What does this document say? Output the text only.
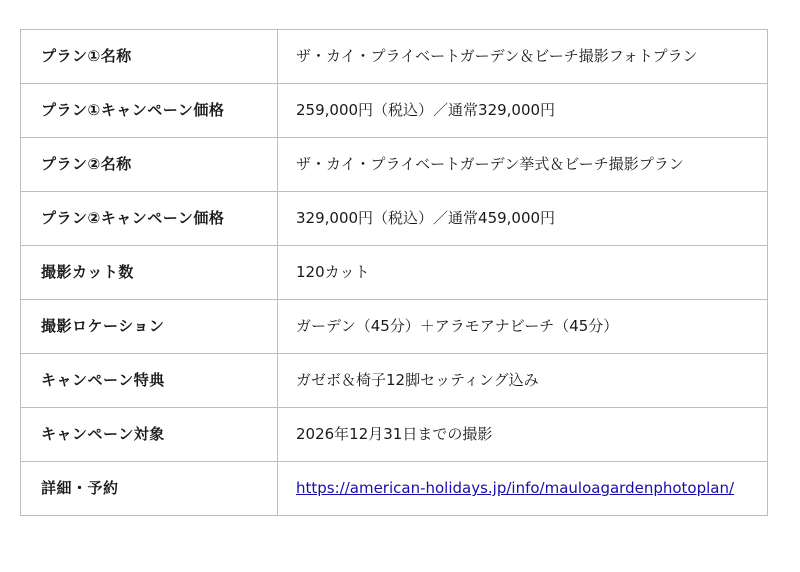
プラン①名称	ザ・カイ・プライベートガーデン＆ビーチ撮影フォトプラン
プラン①キャンペーン価格	259,000円（税込）／通常329,000円
プラン②名称	ザ・カイ・プライベートガーデン挙式＆ビーチ撮影プラン
プラン②キャンペーン価格	329,000円（税込）／通常459,000円
撮影カット数	120カット
撮影ロケーション	ガーデン（45分）＋アラモアナビーチ（45分）
キャンペーン特典	ガゼボ＆椅子12脚セッティング込み
キャンペーン対象	2026年12月31日までの撮影
詳細・予約	https://american-holidays.jp/info/mauloagardenphotoplan/
